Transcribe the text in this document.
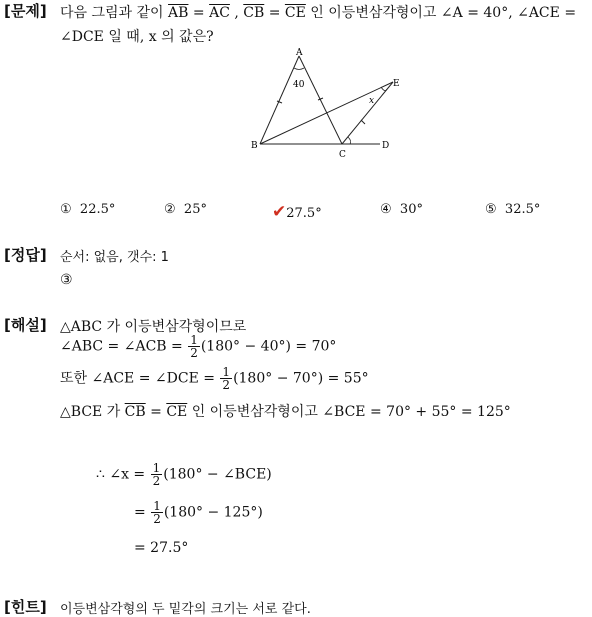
[문제] 다음 그림과 같이 $\overline{AB} = \overline{AC}$ , $\overline{CB} = \overline{CE}$ 인 이등변삼각형이고 ∠A = 40°, ∠ACE =
∠DCE 일 때, x 의 값은?
A
B
C
D
E
40
x
① 22.5°	② 25°	✔27.5°	④ 30°	⑤ 32.5°
[정답] 순서: 없음, 갯수: 1
③
[해설] △ABC 가 이등변삼각형이므로
∠ABC = ∠ACB = $\frac{1}{2} (180^\circ - 40^\circ) = 70^\circ$
또한 ∠ACE = ∠DCE = $\frac{1}{2} (180^\circ - 70^\circ) = 55^\circ$
△BCE 가 $\overline{CB} = \overline{CE}$ 인 이등변삼각형이고 ∠BCE = 70° + 55° = 125°
∴ ∠x = $\frac{1}{2} (180^\circ$ − ∠BCE)
= $\frac{1}{2} (180^\circ - 125^\circ)$
= 27.5°
[힌트] 이등변삼각형의 두 밑각의 크기는 서로 같다.
